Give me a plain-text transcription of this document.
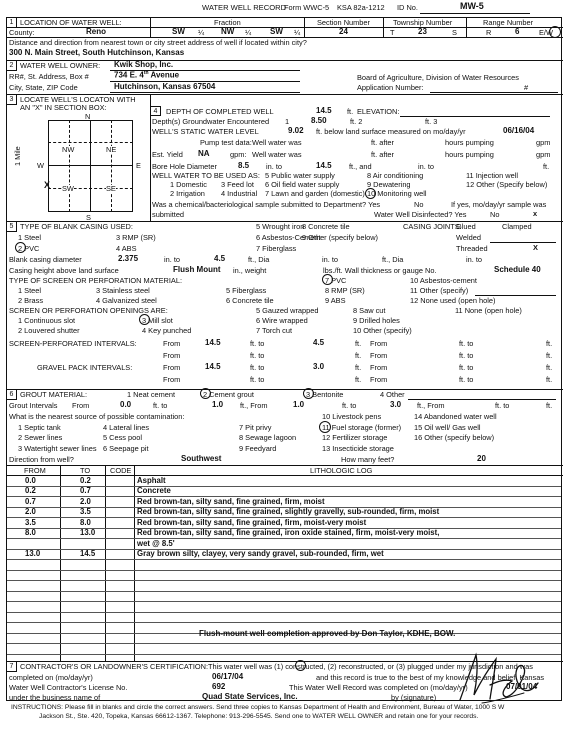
WATER WELL RECORD
Form WWC-5 KSA 82a-1212 ID No.	MW-5
1 LOCATION OF WATER WELL:	Fraction	Section Number	Township Number	Range Number
County:	Reno	SW ¼ NW ¼ SW ¼	24	T	23	S	R	6	E/W
Distance and direction from nearest town or city street address of well if located within city?
300 N. Main Street, South Hutchinson, Kansas
2 WATER WELL OWNER: Kwik Shop, Inc.
RR#, St. Address, Box #	734 E. 4th Avenue	Board of Agriculture, Division of Water Resources
City, State, ZIP Code	Hutchinson, Kansas 67504	Application Number:	#
3 LOCATE WELL'S LOCATON WITH
AN "X" IN SECTION BOX:	4
N
S
W	E
1 Mile	NW	NE
SW	SE
X
DEPTH OF COMPLETED WELL	14.5 ft. ELEVATION:
Depth(s) Groundwater Encountered 1	8.50	ft. 2	ft. 3
WELL'S STATIC WATER LEVEL	9.02 ft. below land surface measured on mo/day/yr	06/16/04
Pump test data: Well water was	ft. after	hours pumping	gpm
Est. Yield NA	gpm: Well water was	ft. after	hours pumping	gpm
Bore Hole Diameter	8.5 in. to	14.5 ft., and	in. to	ft.
WELL WATER TO BE USED AS:	11 Injection well
5 Public water supply	8 Air conditioning
1 Domestic 3 Feed lot 6 Oil field water supply	9 Dewatering	12 Other (Specify below)
2 Irrigation 4 Industrial 7 Lawn and garden (domestic) 10 Monitoring well
Was a chemical/bacteriological sample submitted to Department? Yes	No	If yes, mo/day/yr sample was
submitted	Water Well Disinfected? Yes	No	x
5 TYPE OF BLANK CASING USED:	5 Wrought iron
8 Concrete tile	CASING JOINTS:
Glued	Clamped
1 Steel	3 RMP (SR)	6 Asbestos-Cement
9 Other (specify below)	Welded
2 PVC	4 ABS	7 Fiberglass	Threaded	X
Blank casing diameter	2.375	in. to	4.5	ft., Dia	in. to	ft., Dia	in. to
Casing height above land surface	Flush Mount in., weight	lbs./ft. Wall thickness or gauge No.	Schedule 40
TYPE OF SCREEN OR PERFORATION MATERIAL:	7 PVC	10 Asbestos-cement
1 Steel	3 Stainless steel	5 Fiberglass	8 RMP (SR)	11 Other (specify)
2 Brass	4 Galvanized steel	6 Concrete tile	9 ABS	12 None used (open hole)
SCREEN OR PERFORATION OPENINGS ARE:	5 Gauzed wrapped	8 Saw cut	11 None (open hole)
1 Continuous slot	3 Mill slot	6 Wire wrapped	9 Drilled holes
2 Louvered shutter	4 Key punched	7 Torch cut	10 Other (specify)
SCREEN-PERFORATED INTERVALS:	From	14.5	ft. to	4.5	ft. From	ft. to	ft.
From	ft. to	ft. From	ft. to	ft.
GRAVEL PACK INTERVALS:	From	14.5	ft. to	3.0	ft. From	ft. to	ft.
From	ft. to	ft. From	ft. to	ft.
6 GROUT MATERIAL:	1 Neat cement	2 Cement grout	3 Bentonite	4 Other
Grout Intervals From	0.0	ft. to	1.0 ft., From	1.0	ft. to	3.0 ft., From	ft. to	ft.
What is the nearest source of possible contamination:	10 Livestock pens	14 Abandoned water well
1 Septic tank	4 Lateral lines	7 Pit privy	11 Fuel storage (former) 15 Oil well/ Gas well
2 Sewer lines	5 Cess pool	8 Sewage lagoon	12 Fertilizer storage	16 Other (specify below)
3 Watertight sewer lines 6 Seepage pit	9 Feedyard	13 Insecticide storage
Direction from well?	Southwest	How many feet?	20
FROM	TO	CODE	LITHOLOGIC LOG
0.0	0.2	Asphalt
0.2	0.7	Concrete
0.7	2.0	Red brown-tan, silty sand, fine grained, firm, moist
2.0	3.5	Red brown-tan, silty sand, fine grained, slightly gravelly, sub-rounded, firm, moist
3.5	8.0	Red brown-tan, silty sand, fine grained, firm, moist-very moist
8.0	13.0	Red brown-tan, silty sand, fine grained, iron oxide stained, firm, moist-very moist,
wet @ 8.5'
13.0	14.5	Gray brown silty, clayey, very sandy gravel, sub-rounded, firm, wet
Flush-mount well completion approved by Don Taylor, KDHE, BOW.
7 CONTRACTOR'S OR LANDOWNER'S CERTIFICATION: This water well was (1) constructed, (2) reconstructed, or (3) plugged under my jurisdiction and was
completed on (mo/day/yr)	06/17/04	and this record is true to the best of my knowledge and belief. Kansas
Water Well Contractor's License No.	692	This Water Well Record was completed on (mo/day/yr)	07/01/04
under the business name of	Quad State Services, Inc.	by (signature)
INSTRUCTIONS: Please fill in blanks and circle the correct answers. Send three copies to Kansas Department of Health and Environment, Bureau of Water, 1000 S W
Jackson St., Ste. 420, Topeka, Kansas 66612-1367. Telephone: 913-296-5545. Send one to WATER WELL OWNER and retain one for your records.
